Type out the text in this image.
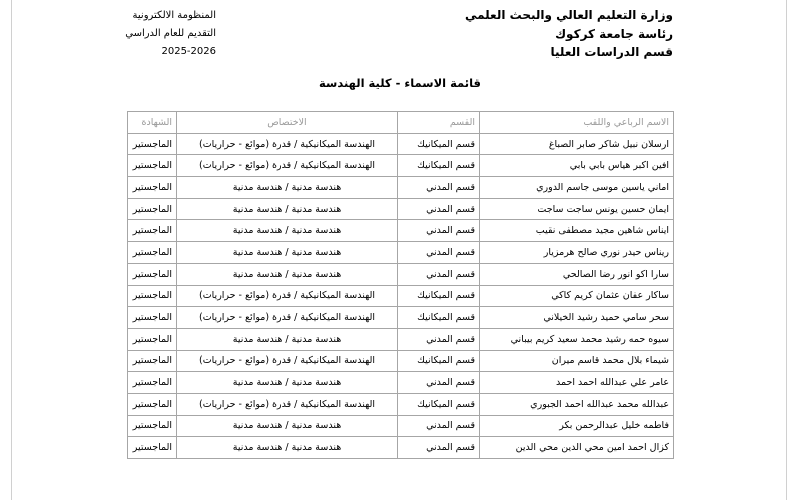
وزارة التعليم العالي والبحث العلمي
رئاسة جامعة كركوك
قسم الدراسات العليا
المنظومة الالكترونية
التقديم للعام الدراسي
2025-2026
قائمة الاسماء - كلية الهندسة
الاسم الرباعي واللقب	القسم	الاختصاص	الشهادة
ارسلان نبيل شاكر صابر الصباغ	قسم الميكانيك	الهندسة الميكانيكية / قدرة (موائع - حراريات)	الماجستير
افين اكبر هياس بابي بابي	قسم الميكانيك	الهندسة الميكانيكية / قدرة (موائع - حراريات)	الماجستير
اماني ياسين موسى جاسم الدوري	قسم المدني	هندسة مدنية / هندسة مدنية	الماجستير
ايمان حسين يونس ساجت ساجت	قسم المدني	هندسة مدنية / هندسة مدنية	الماجستير
ايناس شاهين مجيد مصطفى نقيب	قسم المدني	هندسة مدنية / هندسة مدنية	الماجستير
ريناس حيدر نوري صالح هرمزيار	قسم المدني	هندسة مدنية / هندسة مدنية	الماجستير
سارا اكو انور رضا الصالحي	قسم المدني	هندسة مدنية / هندسة مدنية	الماجستير
ساكار عفان عثمان كريم كاكي	قسم الميكانيك	الهندسة الميكانيكية / قدرة (موائع - حراريات)	الماجستير
سحر سامي حميد رشيد الخيلاني	قسم الميكانيك	الهندسة الميكانيكية / قدرة (موائع - حراريات)	الماجستير
سيوه حمه رشيد محمد سعيد كريم بيباني	قسم المدني	هندسة مدنية / هندسة مدنية	الماجستير
شيماء بلال محمد قاسم ميران	قسم الميكانيك	الهندسة الميكانيكية / قدرة (موائع - حراريات)	الماجستير
عامر علي عبدالله احمد احمد	قسم المدني	هندسة مدنية / هندسة مدنية	الماجستير
عبدالله محمد عبدالله احمد الجبوري	قسم الميكانيك	الهندسة الميكانيكية / قدرة (موائع - حراريات)	الماجستير
فاطمه خليل عبدالرحمن بكر	قسم المدني	هندسة مدنية / هندسة مدنية	الماجستير
كزال احمد امين محي الدين محي الدين	قسم المدني	هندسة مدنية / هندسة مدنية	الماجستير
